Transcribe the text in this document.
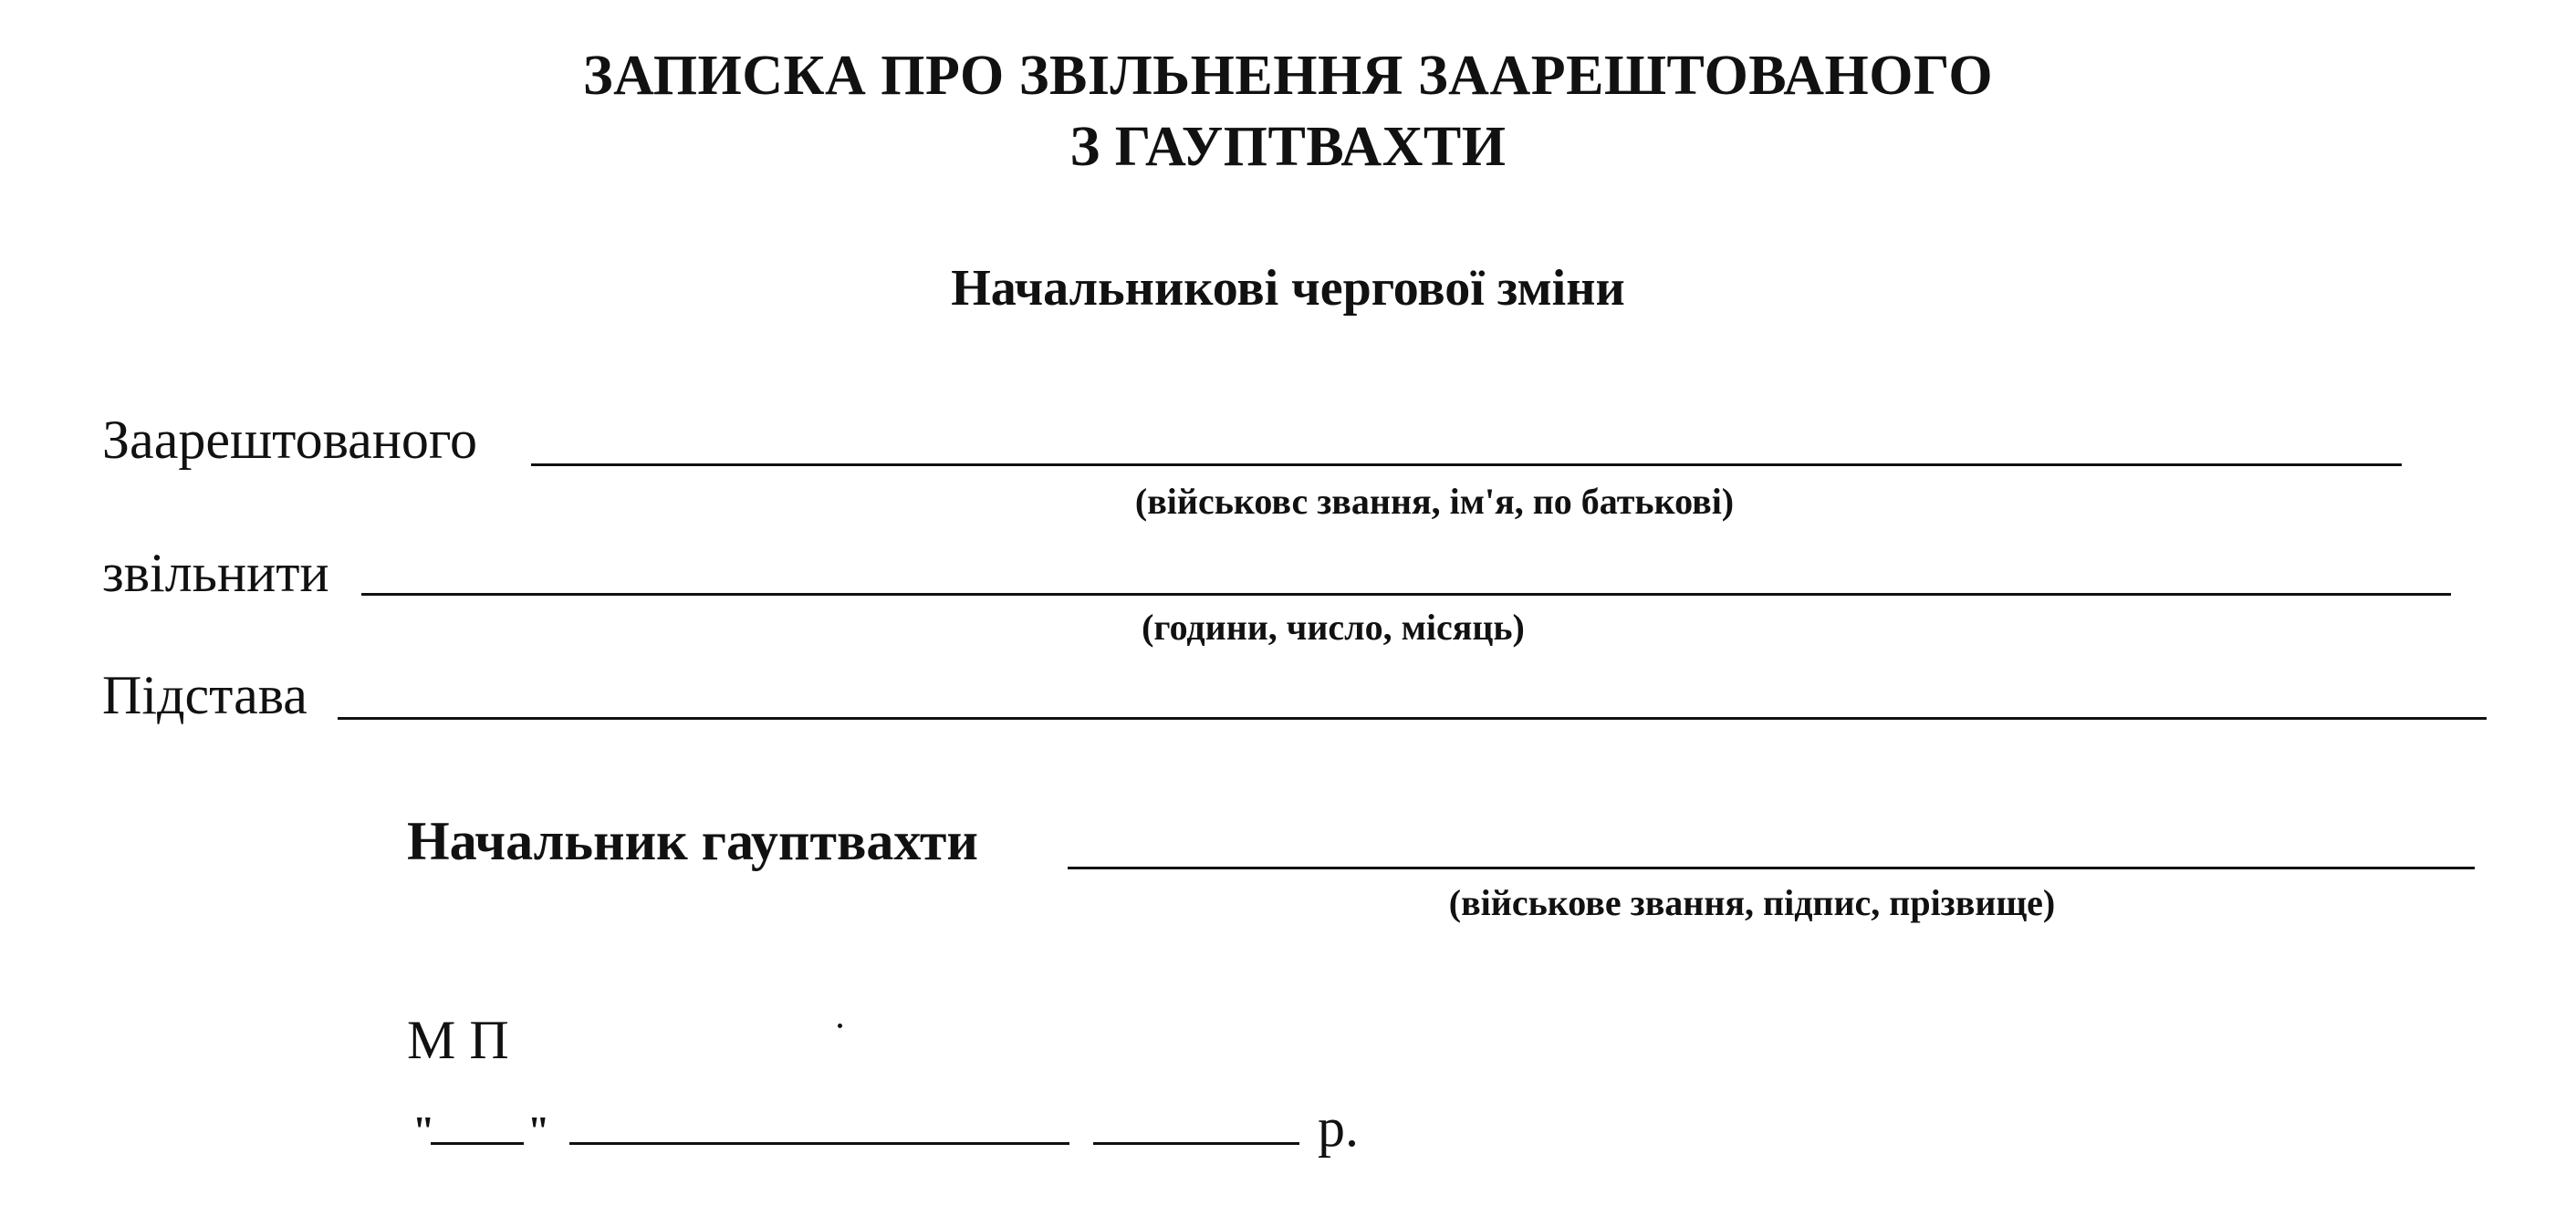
ЗАПИСКА ПРО ЗВІЛЬНЕННЯ ЗААРЕШТОВАНОГО
З ГАУПТВАХТИ
Начальникові чергової зміни
Заарештованого
(військовс звання, ім'я, по батькові)
звільнити
(години, число, місяць)
Підстава
Начальник гауптвахти
(військове звання, підпис, прізвище)
М П
" "	р.
